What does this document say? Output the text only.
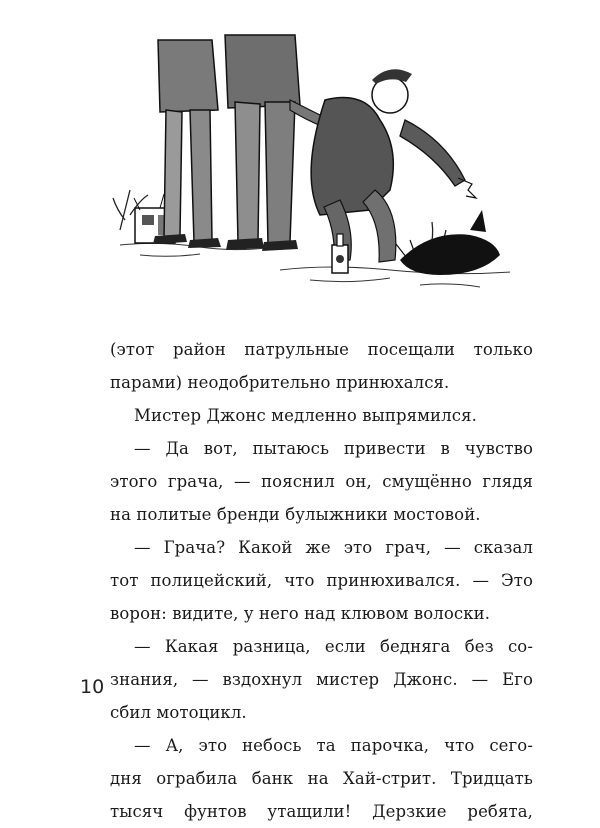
(этот район патрульные посещали только
парами) неодобрительно принюхался.
Мистер Джонс медленно выпрямился.
— Да вот, пытаюсь привести в чувство
этого грача, — пояснил он, смущённо глядя
на политые бренди булыжники мостовой.
— Грача? Какой же это грач, — сказал
тот полицейский, что принюхивался. — Это
ворон: видите, у него над клювом волоски.
— Какая разница, если бедняга без со-
знания, — вздохнул мистер Джонс. — Его
сбил мотоцикл.
— А, это небось та парочка, что сего-
дня ограбила банк на Хай-стрит. Тридцать
тысяч фунтов утащили! Дерзкие ребята,
10
